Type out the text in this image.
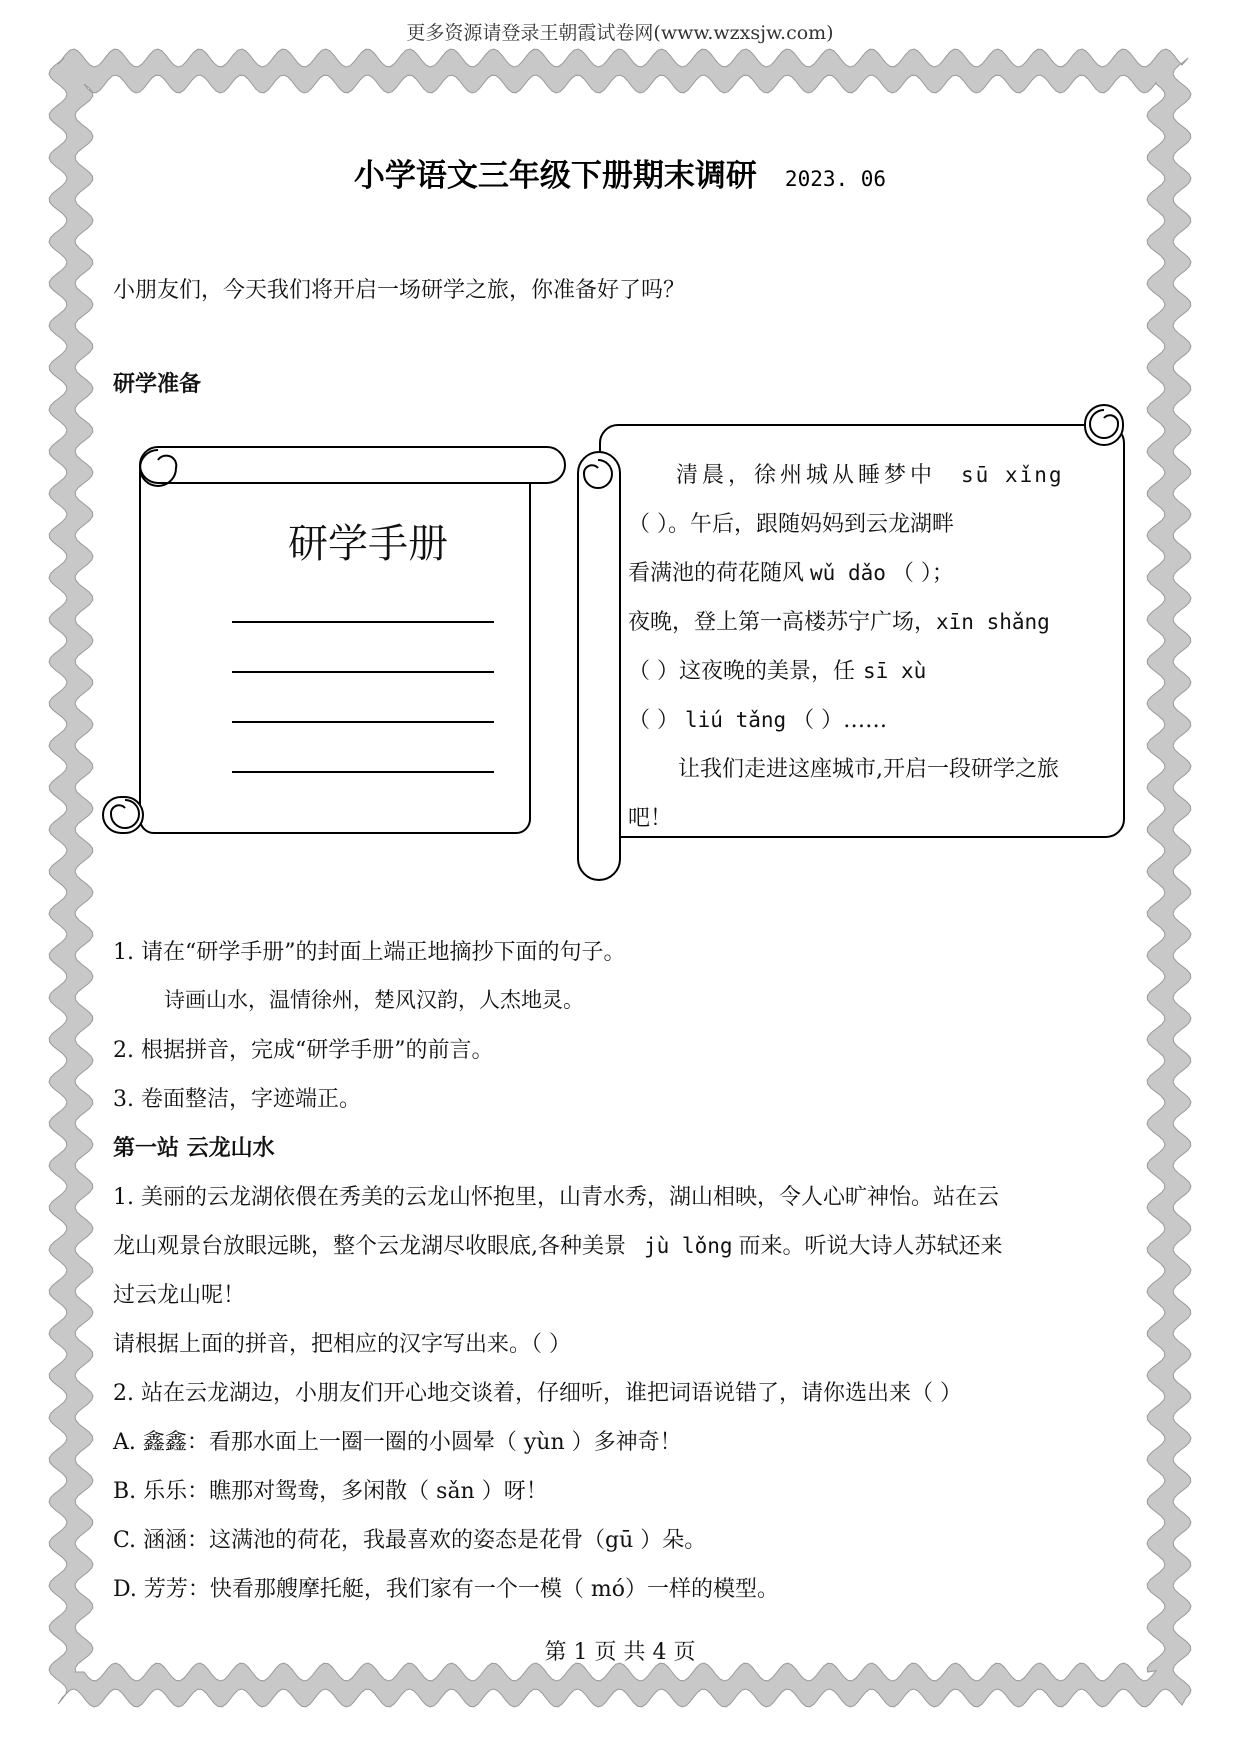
更多资源请登录王朝霞试卷网(www.wzxsjw.com)
小学语文三年级下册期末调研 2023. 06
小朋友们，今天我们将开启一场研学之旅，你准备好了吗？
研学准备
研学手册
清晨，徐州城从睡梦中 sū xǐng
（ ）。午后，跟随妈妈到云龙湖畔
看满池的荷花随风 wǔ dǎo （ ）；
夜晚，登上第一高楼苏宁广场，xīn shǎng
（ ）这夜晚的美景，任 sī xù
（ ） liú tǎng （ ）……
让我们走进这座城市,开启一段研学之旅
吧！
1. 请在“研学手册”的封面上端正地摘抄下面的句子。
诗画山水，温情徐州，楚风汉韵，人杰地灵。
2. 根据拼音，完成“研学手册”的前言。
3. 卷面整洁，字迹端正。
第一站 云龙山水
1. 美丽的云龙湖依偎在秀美的云龙山怀抱里，山青水秀，湖山相映，令人心旷神怡。站在云
龙山观景台放眼远眺，整个云龙湖尽收眼底,各种美景 jù lǒng 而来。听说大诗人苏轼还来
过云龙山呢！
请根据上面的拼音，把相应的汉字写出来。（ ）
2. 站在云龙湖边，小朋友们开心地交谈着，仔细听，谁把词语说错了，请你选出来（ ）
A. 鑫鑫：看那水面上一圈一圈的小圆晕（ yùn ）多神奇！
B. 乐乐：瞧那对鸳鸯，多闲散（ sǎn ）呀！
C. 涵涵：这满池的荷花，我最喜欢的姿态是花骨（gū ）朵。
D. 芳芳：快看那艘摩托艇，我们家有一个一模（ mó）一样的模型。
第 1 页 共 4 页
